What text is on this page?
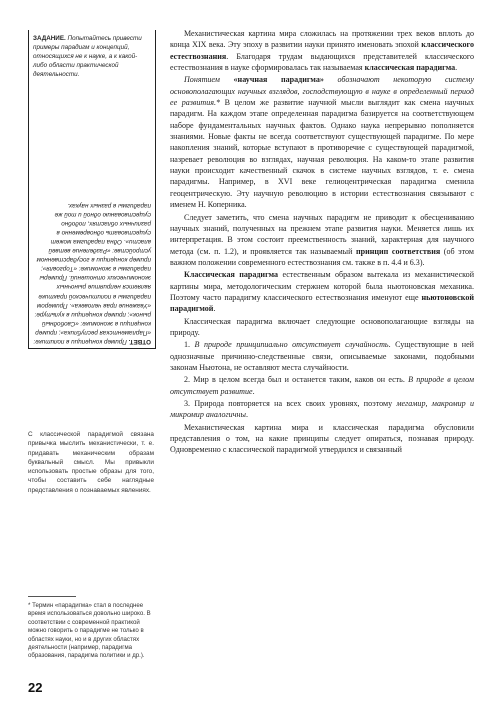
ЗАДАНИЕ. Попытайтесь привести примеры парадигм и концепций, относящихся не к науке, а к какой-либо области практической деятельности.
ОТВЕТ. Пример концепции в политике: «Парламентская республика»; пример концепции в экономике: «Свободный рынок»; пример концепции в культуре: «Уважение прав человека». Примером парадигмы в политической практике является неприятие рыночных экономических отношений. Примеры парадигмы в экономике: «Торговля»; пример концепции в государственном устройстве: «Разделение ветвей власти». Одна парадигма может существовать одновременно в различных областях, подобно существованию одной и той же парадигмы в разных науках.
С классической парадигмой связана привычка мыслить механистически, т. е. придавать механическим образам буквальный смысл. Мы привыкли использовать простые образы для того, чтобы составить себе наглядные представления о познаваемых явлениях.
* Термин «парадигма» стал в последнее время использоваться довольно широко. В соответствии с современной практикой можно говорить о парадигме не только в областях науки, но и в других областях деятельности (например, парадигма образования, парадигма политики и др.).
22

Механистическая картина мира сложилась на протяжении трех веков вплоть до конца XIX века. Эту эпоху в развитии науки принято именовать эпохой классического естествознания. Благодаря трудам выдающихся представителей классического естествознания в науке сформировалась так называемая классическая парадигма.

Понятием «научная парадигма» обозначают некоторую систему основополагающих научных взглядов, господствующую в науке в определенный период ее развития.* В целом же развитие научной мысли выглядит как смена научных парадигм. На каждом этапе определенная парадигма базируется на соответствующем наборе фундаментальных научных фактов. Однако наука непрерывно пополняется знаниями. Новые факты не всегда соответствуют существующей парадигме. По мере накопления знаний, которые вступают в противоречие с существующей парадигмой, назревает революция во взглядах, научная революция. На каком-то этапе развития науки происходит качественный скачок в системе научных взглядов, т. е. смена парадигмы. Например, в XVI веке гелиоцентрическая парадигма сменила геоцентрическую. Эту научную революцию в истории естествознания связывают с именем Н. Коперника.

Следует заметить, что смена научных парадигм не приводит к обесцениванию научных знаний, полученных на прежнем этапе развития науки. Меняется лишь их интерпретация. В этом состоит преемственность знаний, характерная для научного метода (см. п. 1.2), и проявляется так называемый принцип соответствия (об этом важном положении современного естествознания см. также в п. 4.4 и 6.3).

Классическая парадигма естественным образом вытекала из механистической картины мира, методологическим стержнем которой была ньютоновская механика. Поэтому часто парадигму классического естествознания именуют еще ньютоновской парадигмой.

Классическая парадигма включает следующие основополагающие взгляды на природу.

1. В природе принципиально отсутствует случайность. Существующие в ней однозначные причинно-следственные связи, описываемые законами, подобными законам Ньютона, не оставляют места случайности.

2. Мир в целом всегда был и останется таким, каков он есть. В природе в целом отсутствует развитие.

3. Природа повторяется на всех своих уровнях, поэтому мегамир, макромир и микромир аналогичны.

Механистическая картина мира и классическая парадигма обусловили представления о том, на какие принципы следует опираться, познавая природу. Одновременно с классической парадигмой утвердился и связанный
